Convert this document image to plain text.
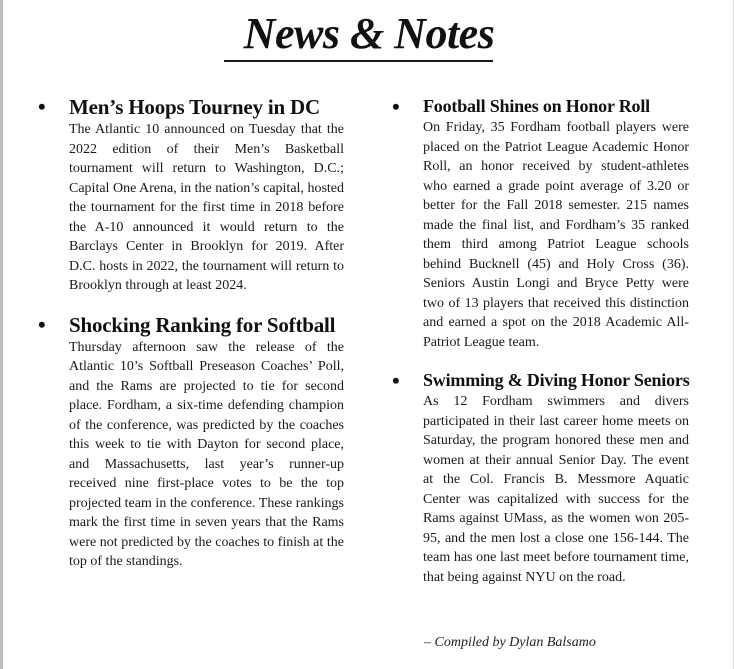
News & Notes
• Men’s Hoops Tourney in DC
The Atlantic 10 announced on Tuesday that the 2022 edition of their Men’s Basketball tournament will return to Washington, D.C.; Capital One Arena, in the nation’s capital, hosted the tournament for the first time in 2018 before the A-10 announced it would return to the Barclays Center in Brooklyn for 2019. After D.C. hosts in 2022, the tournament will return to Brooklyn through at least 2024.
• Shocking Ranking for Softball
Thursday afternoon saw the release of the Atlantic 10’s Softball Preseason Coaches’ Poll, and the Rams are projected to tie for second place. Fordham, a six-time defending champion of the conference, was predicted by the coaches this week to tie with Dayton for second place, and Massachusetts, last year’s runner-up received nine first-place votes to be the top projected team in the conference. These rankings mark the first time in seven years that the Rams were not predicted by the coaches to finish at the top of the standings.
• Football Shines on Honor Roll
On Friday, 35 Fordham football players were placed on the Patriot League Academic Honor Roll, an honor received by student-athletes who earned a grade point average of 3.20 or better for the Fall 2018 semester. 215 names made the final list, and Fordham’s 35 ranked them third among Patriot League schools behind Bucknell (45) and Holy Cross (36). Seniors Austin Longi and Bryce Petty were two of 13 players that received this distinction and earned a spot on the 2018 Academic All-Patriot League team.
• Swimming & Diving Honor Seniors
As 12 Fordham swimmers and divers participated in their last career home meets on Saturday, the program honored these men and women at their annual Senior Day. The event at the Col. Francis B. Messmore Aquatic Center was capitalized with success for the Rams against UMass, as the women won 205-95, and the men lost a close one 156-144. The team has one last meet before tournament time, that being against NYU on the road.
– Compiled by Dylan Balsamo
